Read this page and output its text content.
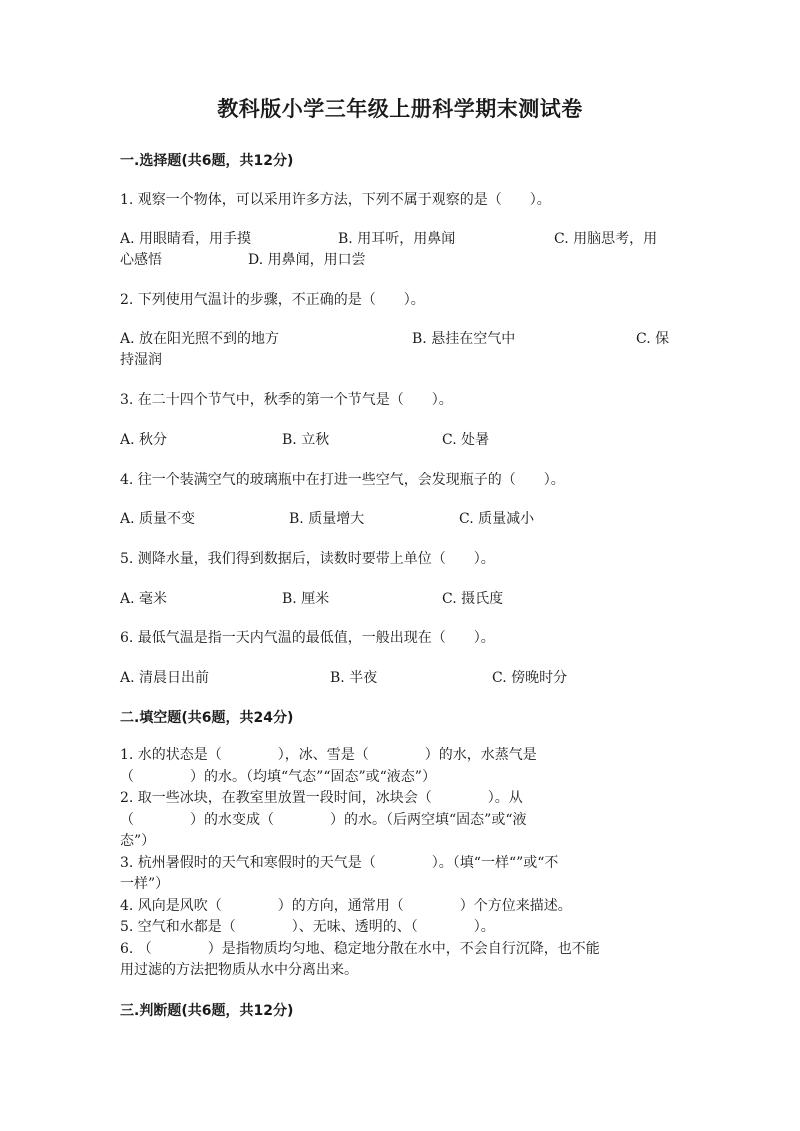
教科版小学三年级上册科学期末测试卷
一.选择题(共6题，共12分)
1. 观察一个物体，可以采用许多方法，下列不属于观察的是（　　）。
A. 用眼睛看，用手摸	B. 用耳听，用鼻闻	C. 用脑思考，用
心感悟	D. 用鼻闻，用口尝
2. 下列使用气温计的步骤，不正确的是（　　）。
A. 放在阳光照不到的地方	B. 悬挂在空气中	C. 保
持湿润
3. 在二十四个节气中，秋季的第一个节气是（　　）。
A. 秋分	B. 立秋	C. 处暑
4. 往一个装满空气的玻璃瓶中在打进一些空气，会发现瓶子的（　　）。
A. 质量不变	B. 质量增大	C. 质量减小
5. 测降水量，我们得到数据后，读数时要带上单位（　　）。
A. 毫米	B. 厘米	C. 摄氏度
6. 最低气温是指一天内气温的最低值，一般出现在（　　）。
A. 清晨日出前	B. 半夜	C. 傍晚时分
二.填空题(共6题，共24分)
1. 水的状态是（　　　　），冰、雪是（　　　　）的水，水蒸气是
（　　　　）的水。（均填“气态”“固态”或“液态”）
2. 取一些冰块，在教室里放置一段时间，冰块会（　　　　）。从
（　　　　）的水变成（　　　　）的水。（后两空填“固态”或“液
态”）
3. 杭州暑假时的天气和寒假时的天气是（　　　　）。（填“一样“”或“不
一样”）
4. 风向是风吹（　　　　）的方向，通常用（　　　　）个方位来描述。
5. 空气和水都是（　　　　）、无味、透明的、（　　　　）。
6. （　　　　）是指物质均匀地、稳定地分散在水中，不会自行沉降，也不能
用过滤的方法把物质从水中分离出来。
三.判断题(共6题，共12分)
